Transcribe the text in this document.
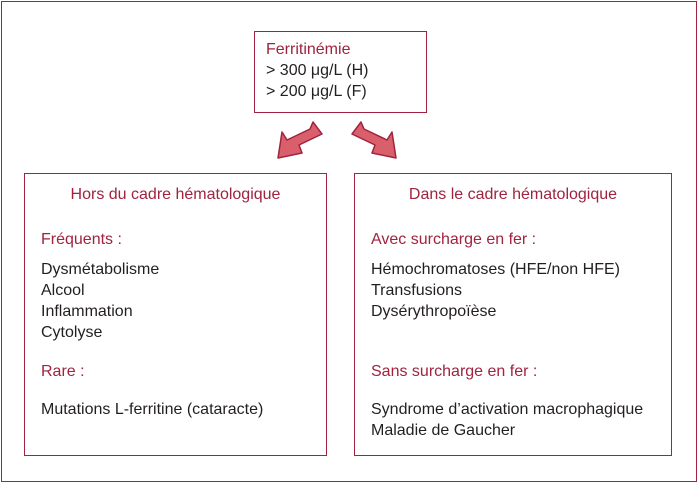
Ferritinémie
> 300 μg/L (H)
> 200 μg/L (F)
Hors du cadre hématologique
Fréquents :
Dysmétabolisme
Alcool
Inflammation
Cytolyse
Rare :
Mutations L-ferritine (cataracte)
Dans le cadre hématologique
Avec surcharge en fer :
Hémochromatoses (HFE/non HFE)
Transfusions
Dysérythropoïèse
Sans surcharge en fer :
Syndrome d’activation macrophagique
Maladie de Gaucher
